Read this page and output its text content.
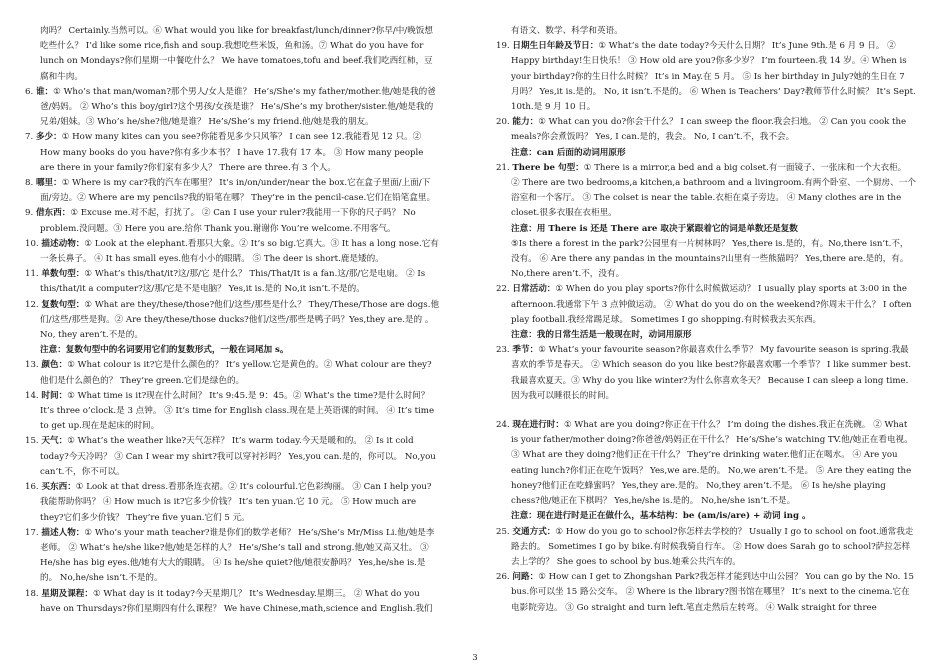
肉吗？ Certainly.当然可以。⑥ What would you like for breakfast/lunch/dinner?你早/中/晚饭想吃些什么？ I’d like some rice,fish and soup.我想吃些米饭，鱼和汤。⑦ What do you have for lunch on Mondays?你们星期一中餐吃什么？ We have tomatoes,tofu and beef.我们吃西红柿，豆腐和牛肉。

6. 谁：① Who’s that man/woman?那个男人/女人是谁？ He’s/She’s my father/mother.他/她是我的爸爸/妈妈。 ② Who’s this boy/girl?这个男孩/女孩是谁？ He’s/She’s my brother/sister.他/她是我的兄弟/姐妹。③ Who’s he/she?他/她是谁？ He’s/She’s my friend.他/她是我的朋友。

7. 多少：① How many kites can you see?你能看见多少只风筝？ I can see 12.我能看见 12 只。② How many books do you have?你有多少本书？ I have 17.我有 17 本。 ③ How many people are there in your family?你们家有多少人？ There are three.有 3 个人。

8. 哪里：① Where is my car?我的汽车在哪里？ It’s in/on/under/near the box.它在盒子里面/上面/下面/旁边。② Where are my pencils?我的铅笔在哪？ They’re in the pencil-case.它们在铅笔盒里。

9. 借东西：① Excuse me.对不起，打扰了。 ② Can I use your ruler?我能用一下你的尺子吗？ No problem.没问题。③ Here you are.给你 Thank you.谢谢你 You’re welcome.不用客气。

10. 描述动物：① Look at the elephant.看那只大象。② It’s so big.它真大。③ It has a long nose.它有一条长鼻子。 ④ It has small eyes.他有小小的眼睛。 ⑤ The deer is short.鹿是矮的。

11. 单数句型：① What’s this/that/it?这/那/它 是什么？ This/That/It is a fan.这/那/它是电扇。 ② Is this/that/it a computer?这/那/它是不是电脑？ Yes,it is.是的 No,it isn’t.不是的。

12. 复数句型：① What are they/these/those?他们/这些/那些是什么？ They/These/Those are dogs.他们/这些/那些是狗。② Are they/these/those ducks?他们/这些/那些是鸭子吗？Yes,they are.是的 。 No, they aren’t.不是的。

注意：复数句型中的名词要用它们的复数形式，一般在词尾加 s。

13. 颜色：① What colour is it?它是什么颜色的？ It’s yellow.它是黄色的。② What colour are they?他们是什么颜色的？ They’re green.它们是绿色的。

14. 时间：① What time is it?现在什么时间？ It’s 9:45.是 9：45。② What’s the time?是什么时间？ It’s three o’clock.是 3 点钟。 ③ It’s time for English class.现在是上英语课的时间。 ④ It’s time to get up.现在是起床的时间。

15. 天气：① What’s the weather like?天气怎样？ It’s warm today.今天是暖和的。 ② Is it cold today?今天冷吗？ ③ Can I wear my shirt?我可以穿衬衫吗？ Yes,you can.是的，你可以。 No,you can’t.不，你不可以。

16. 买东西：① Look at that dress.看那条连衣裙。② It’s colourful.它色彩绚丽。 ③ Can I help you?我能帮助你吗？ ④ How much is it?它多少价钱？ It’s ten yuan.它 10 元。 ⑤ How much are they?它们多少价钱？ They’re five yuan.它们 5 元。

17. 描述人物：① Who’s your math teacher?谁是你们的数学老师？ He’s/She’s Mr/Miss Li.他/她是李老师。 ② What’s he/she like?他/她是怎样的人？ He’s/She’s tall and strong.他/她又高又壮。 ③ He/she has big eyes.他/她有大大的眼睛。 ④ Is he/she quiet?他/她很安静吗？ Yes,he/she is.是的。 No,he/she isn’t.不是的。

18. 星期及课程：① What day is it today?今天星期几？ It’s Wednesday.星期三。 ② What do you have on Thursdays?你们星期四有什么课程？ We have Chinese,math,science and English.我们

有语文、数学、科学和英语。

19. 日期生日年龄及节日：① What’s the date today?今天什么日期？ It’s June 9th.是 6 月 9 日。 ② Happy birthday!生日快乐！ ③ How old are you?你多少岁？ I’m fourteen.我 14 岁。④ When is your birthday?你的生日什么时候？ It’s in May.在 5 月。 ⑤ Is her birthday in July?她的生日在 7 月吗？ Yes,it is.是的。 No, it isn’t.不是的。 ⑥ When is Teachers’ Day?教师节什么时候？ It’s Sept. 10th.是 9 月 10 日。

20. 能力：① What can you do?你会干什么？ I can sweep the floor.我会扫地。 ② Can you cook the meals?你会煮饭吗？ Yes, I can.是的，我会。 No, I can’t.不，我不会。

注意：can 后面的动词用原形

21. There be 句型：① There is a mirror,a bed and a big colset.有一面镜子、一张床和一个大衣柜。 ② There are two bedrooms,a kitchen,a bathroom and a livingroom.有两个卧室、一个厨房、一个浴室和一个客厅。 ③ The colset is near the table.衣柜在桌子旁边。 ④ Many clothes are in the closet.很多衣服在衣柜里。

注意：用 There is 还是 There are 取决于紧跟着它的词是单数还是复数

⑤Is there a forest in the park?公园里有一片树林吗？ Yes,there is.是的，有。No,there isn’t.不，没有。 ⑥ Are there any pandas in the mountains?山里有一些熊猫吗？ Yes,there are.是的，有。 No,there aren’t.不，没有。

22. 日常活动：① When do you play sports?你什么时候做运动？ I usually play sports at 3:00 in the afternoon.我通常下午 3 点钟做运动。 ② What do you do on the weekend?你周末干什么？ I often play football.我经常踢足球。 Sometimes I go shopping.有时候我去买东西。

注意：我的日常生活是一般现在时，动词用原形

23. 季节：① What’s your favourite season?你最喜欢什么季节？ My favourite season is spring.我最喜欢的季节是春天。 ② Which season do you like best?你最喜欢哪一个季节？ I like summer best.我最喜欢夏天。③ Why do you like winter?为什么你喜欢冬天？ Because I can sleep a long time.因为我可以睡很长的时间。

24. 现在进行时：① What are you doing?你正在干什么？ I’m doing the dishes.我正在洗碗。 ② What is your father/mother doing?你爸爸/妈妈正在干什么？ He’s/She’s watching TV.他/她正在看电视。 ③ What are they doing?他们正在干什么？ They’re drinking water.他们正在喝水。 ④ Are you eating lunch?你们正在吃午饭吗？ Yes,we are.是的。 No,we aren’t.不是。 ⑤ Are they eating the honey?他们正在吃蜂蜜吗？ Yes,they are.是的。 No,they aren’t.不是。 ⑥ Is he/she playing chess?他/她正在下棋吗？ Yes,he/she is.是的。 No,he/she isn’t.不是。

注意：现在进行时是正在做什么，基本结构：be (am/is/are) + 动词 ing 。

25. 交通方式：① How do you go to school?你怎样去学校的？ Usually I go to school on foot.通常我走路去的。 Sometimes I go by bike.有时候我骑自行车。 ② How does Sarah go to school?萨拉怎样去上学的？ She goes to school by bus.她乘公共汽车的。

26. 问路：① How can I get to Zhongshan Park?我怎样才能到达中山公园？ You can go by the No. 15 bus.你可以坐 15 路公交车。 ② Where is the library?图书馆在哪里？ It’s next to the cinema.它在电影院旁边。 ③ Go straight and turn left.笔直走然后左转弯。 ④ Walk straight for three

3
